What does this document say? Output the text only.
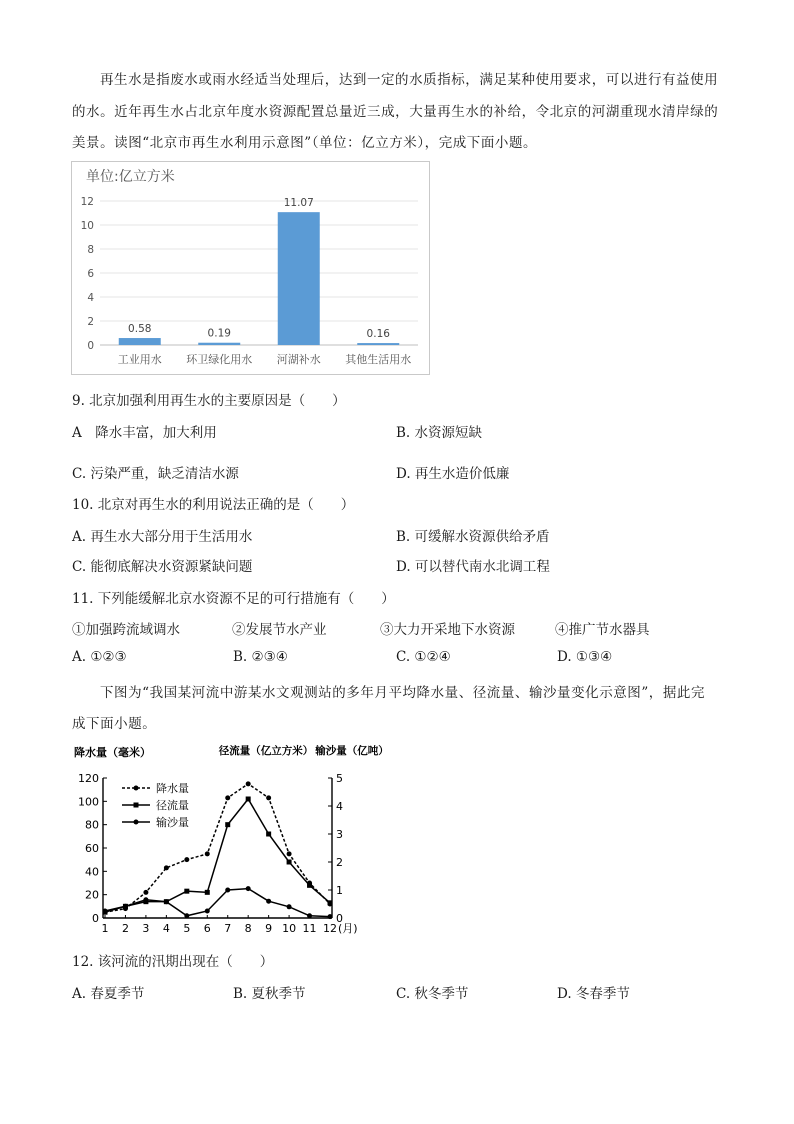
再生水是指废水或雨水经适当处理后，达到一定的水质指标，满足某种使用要求，可以进行有益使用
的水。近年再生水占北京年度水资源配置总量近三成，大量再生水的补给，令北京的河湖重现水清岸绿的
美景。读图“北京市再生水利用示意图”（单位：亿立方米），完成下面小题。
单位:亿立方米
0
2
4
6
8
10
12
0.58	0.19
11.07
0.16
工业用水 环卫绿化用水 河湖补水 其他生活用水
9. 北京加强利用再生水的主要原因是（　　）
A　降水丰富，加大利用	B. 水资源短缺
C. 污染严重，缺乏清洁水源	D. 再生水造价低廉
10. 北京对再生水的利用说法正确的是（　　）
A. 再生水大部分用于生活用水	B. 可缓解水资源供给矛盾
C. 能彻底解决水资源紧缺问题	D. 可以替代南水北调工程
11. 下列能缓解北京水资源不足的可行措施有（　　）
①加强跨流域调水	②发展节水产业	③大力开采地下水资源	④推广节水器具
A. ①②③	B. ②③④	C. ①②④	D. ①③④
下图为“我国某河流中游某水文观测站的多年月平均降水量、径流量、输沙量变化示意图”，据此完
成下面小题。
降水量（毫米）	径流量（亿立方米） 输沙量（亿吨）
0
20
40
60
80
100
120
0
1
2
3
4
5
1 2 3 4 5 6 7 8 9 10 11 12 (月)
降水量
径流量
输沙量
12. 该河流的汛期出现在（　　）
A. 春夏季节	B. 夏秋季节	C. 秋冬季节	D. 冬春季节
